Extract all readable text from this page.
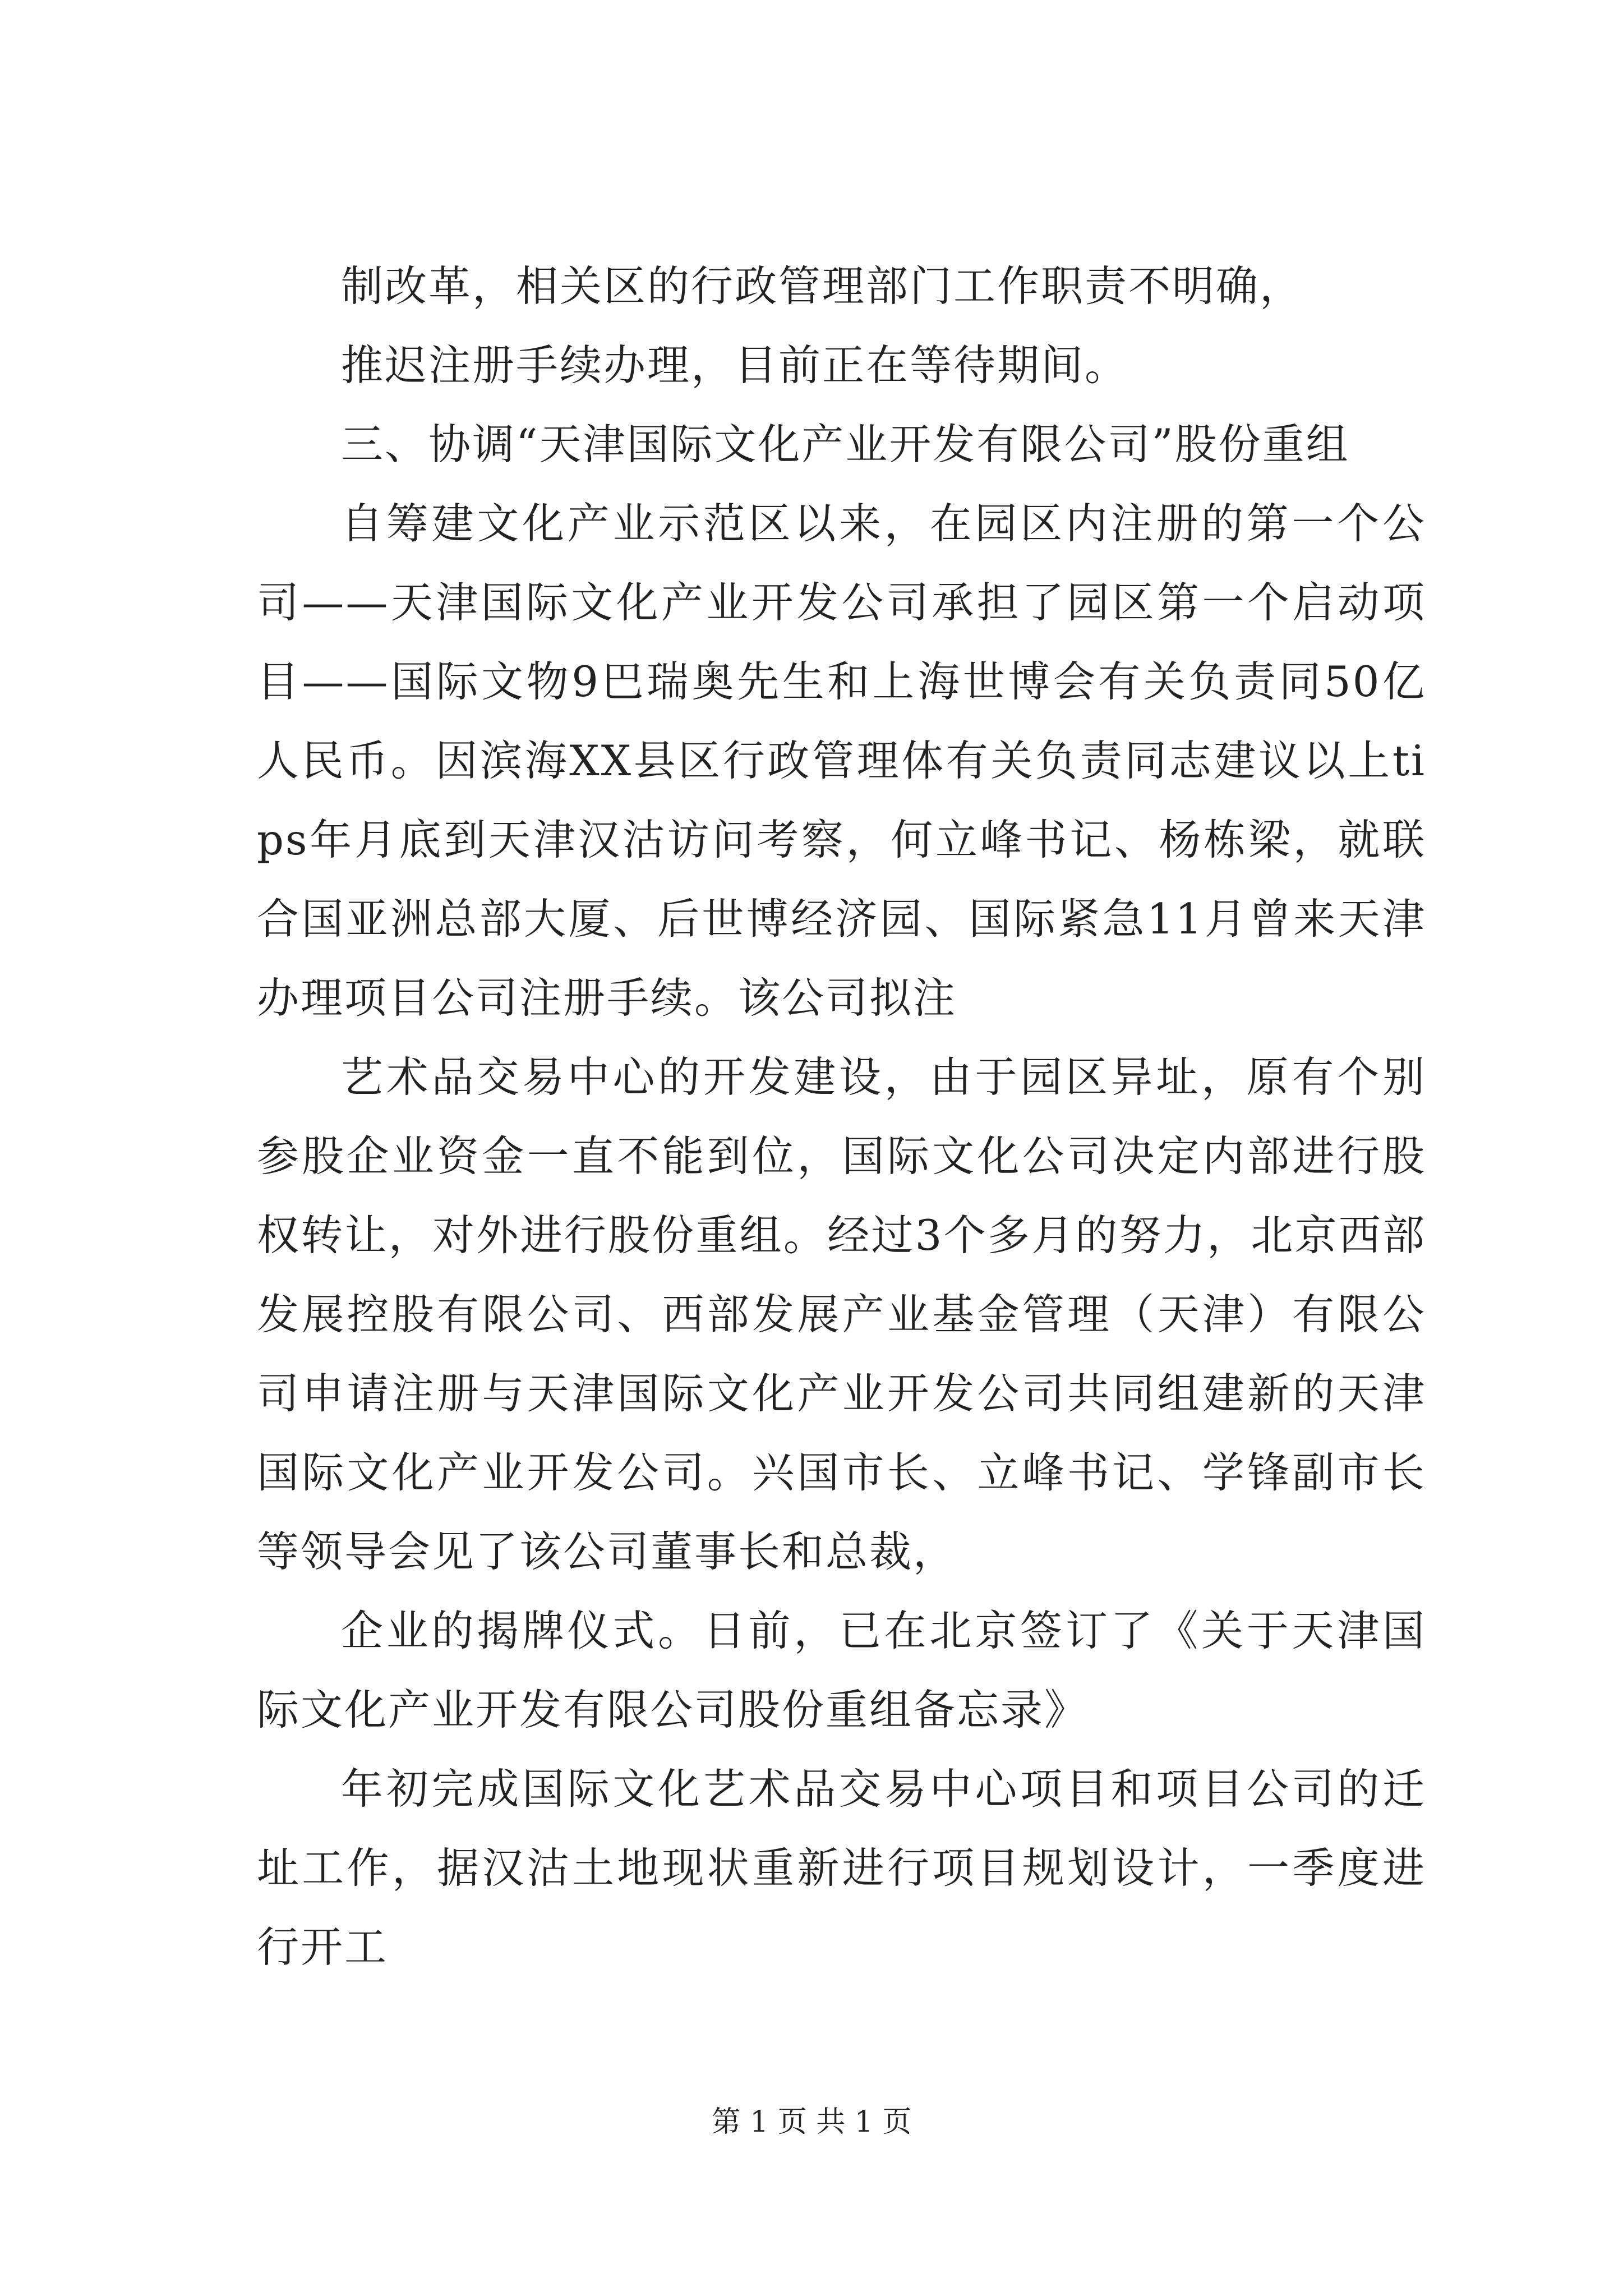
制改革，相关区的行政管理部门工作职责不明确，

推迟注册手续办理，目前正在等待期间。

三、协调“天津国际文化产业开发有限公司”股份重组

自筹建文化产业示范区以来，在园区内注册的第一个公司——天津国际文化产业开发公司承担了园区第一个启动项目——国际文物9巴瑞奥先生和上海世博会有关负责同50亿人民币。因滨海XX县区行政管理体有关负责同志建议以上tips年月底到天津汉沽访问考察，何立峰书记、杨栋梁，就联合国亚洲总部大厦、后世博经济园、国际紧急11月曾来天津办理项目公司注册手续。该公司拟注

艺术品交易中心的开发建设，由于园区异址，原有个别参股企业资金一直不能到位，国际文化公司决定内部进行股权转让，对外进行股份重组。经过3个多月的努力，北京西部发展控股有限公司、西部发展产业基金管理（天津）有限公司申请注册与天津国际文化产业开发公司共同组建新的天津国际文化产业开发公司。兴国市长、立峰书记、学锋副市长等领导会见了该公司董事长和总裁，

企业的揭牌仪式。日前，已在北京签订了《关于天津国际文化产业开发有限公司股份重组备忘录》

年初完成国际文化艺术品交易中心项目和项目公司的迁址工作，据汉沽土地现状重新进行项目规划设计，一季度进行开工

第 1 页 共 1 页
